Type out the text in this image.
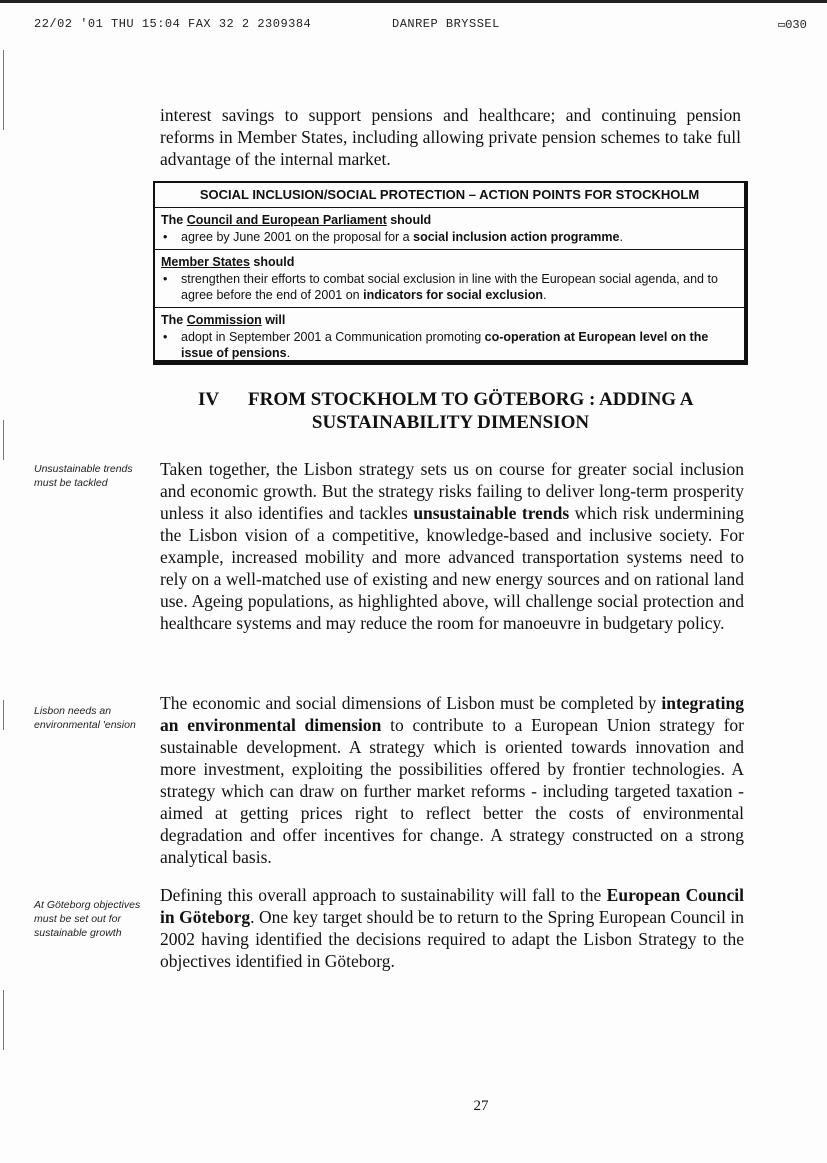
22/02 '01 THU 15:04 FAX 32 2 2309384	DANREP BRYSSEL	▭030
interest savings to support pensions and healthcare; and continuing pension reforms in Member States, including allowing private pension schemes to take full advantage of the internal market.
SOCIAL INCLUSION/SOCIAL PROTECTION – ACTION POINTS FOR STOCKHOLM
The Council and European Parliament should
• agree by June 2001 on the proposal for a social inclusion action programme.
Member States should
• strengthen their efforts to combat social exclusion in line with the European social agenda, and to agree before the end of 2001 on indicators for social exclusion.
The Commission will
• adopt in September 2001 a Communication promoting co-operation at European level on the issue of pensions.
IV FROM STOCKHOLM TO GÖTEBORG : ADDING A
SUSTAINABILITY DIMENSION
Unsustainable trends must be tackled
Lisbon needs an environmental 'ension
At Göteborg objectives must be set out for sustainable growth
Taken together, the Lisbon strategy sets us on course for greater social inclusion and economic growth. But the strategy risks failing to deliver long-term prosperity unless it also identifies and tackles unsustainable trends which risk undermining the Lisbon vision of a competitive, knowledge-based and inclusive society. For example, increased mobility and more advanced transportation systems need to rely on a well-matched use of existing and new energy sources and on rational land use. Ageing populations, as highlighted above, will challenge social protection and healthcare systems and may reduce the room for manoeuvre in budgetary policy.
The economic and social dimensions of Lisbon must be completed by integrating an environmental dimension to contribute to a European Union strategy for sustainable development. A strategy which is oriented towards innovation and more investment, exploiting the possibilities offered by frontier technologies. A strategy which can draw on further market reforms - including targeted taxation - aimed at getting prices right to reflect better the costs of environmental degradation and offer incentives for change. A strategy constructed on a strong analytical basis.
Defining this overall approach to sustainability will fall to the European Council in Göteborg. One key target should be to return to the Spring European Council in 2002 having identified the decisions required to adapt the Lisbon Strategy to the objectives identified in Göteborg.
27
